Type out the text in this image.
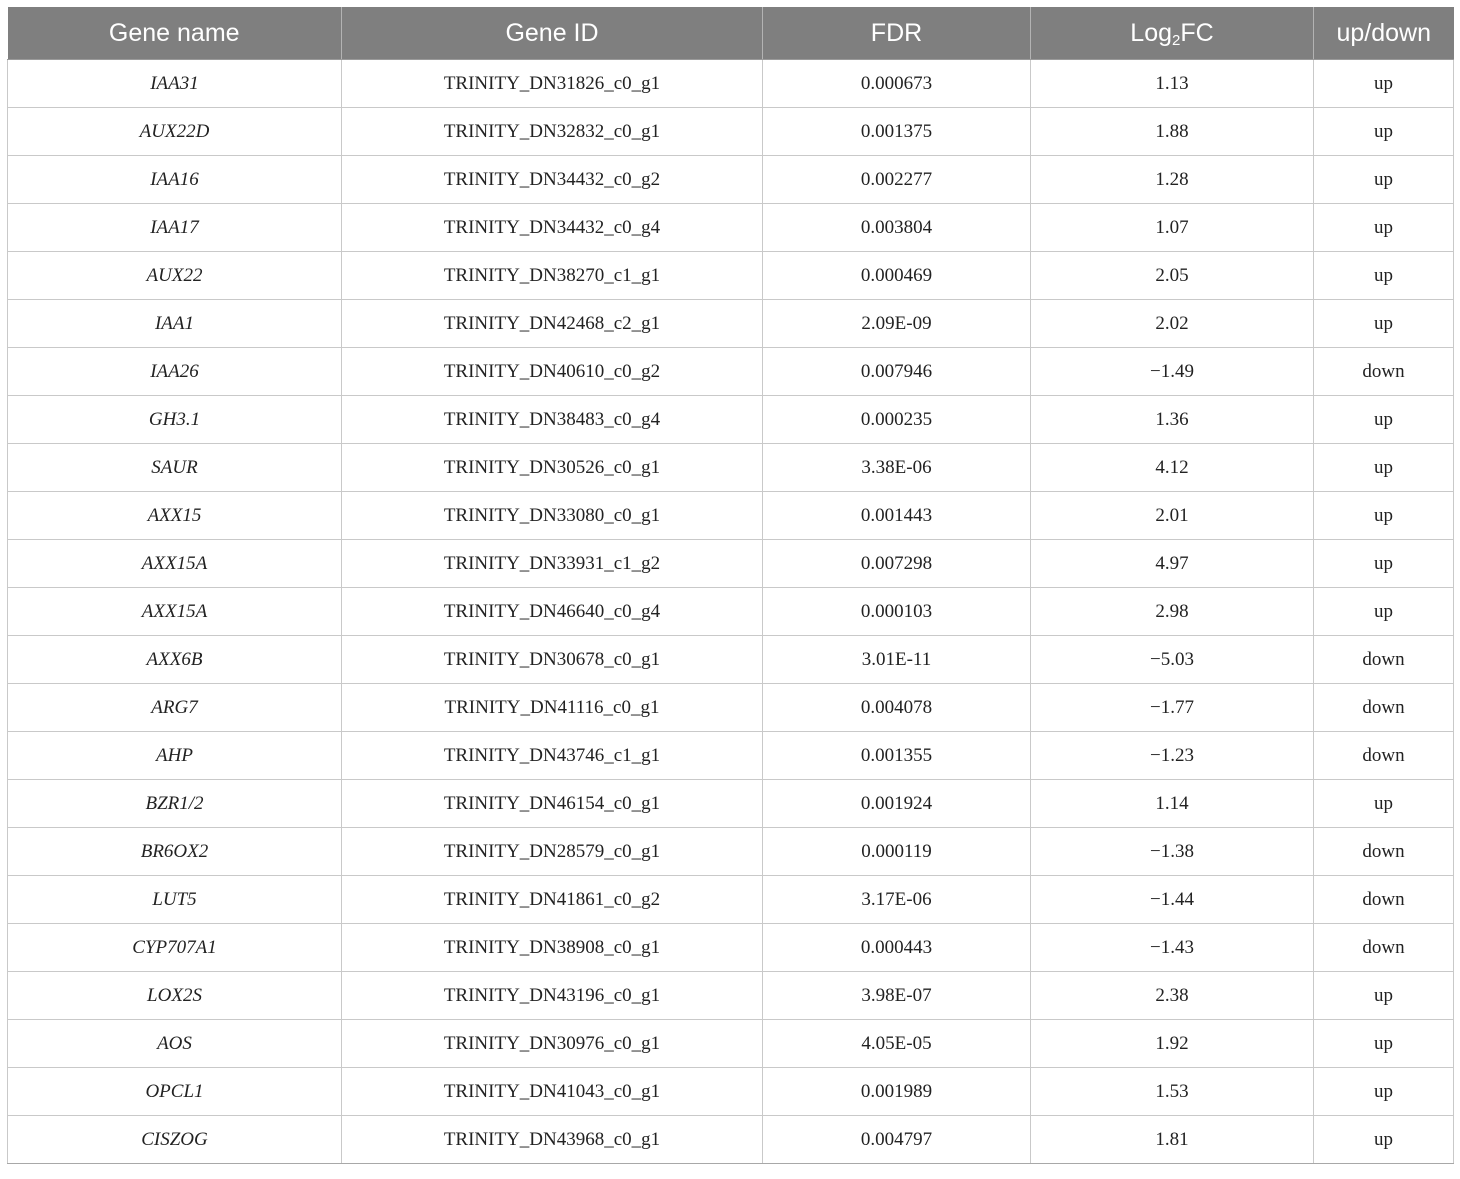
Gene name	Gene ID	FDR	Log$_2$FC	up/down
IAA31	TRINITY_DN31826_c0_g1	0.000673	1.13	up
AUX22D	TRINITY_DN32832_c0_g1	0.001375	1.88	up
IAA16	TRINITY_DN34432_c0_g2	0.002277	1.28	up
IAA17	TRINITY_DN34432_c0_g4	0.003804	1.07	up
AUX22	TRINITY_DN38270_c1_g1	0.000469	2.05	up
IAA1	TRINITY_DN42468_c2_g1	2.09E-09	2.02	up
IAA26	TRINITY_DN40610_c0_g2	0.007946	−1.49	down
GH3.1	TRINITY_DN38483_c0_g4	0.000235	1.36	up
SAUR	TRINITY_DN30526_c0_g1	3.38E-06	4.12	up
AXX15	TRINITY_DN33080_c0_g1	0.001443	2.01	up
AXX15A	TRINITY_DN33931_c1_g2	0.007298	4.97	up
AXX15A	TRINITY_DN46640_c0_g4	0.000103	2.98	up
AXX6B	TRINITY_DN30678_c0_g1	3.01E-11	−5.03	down
ARG7	TRINITY_DN41116_c0_g1	0.004078	−1.77	down
AHP	TRINITY_DN43746_c1_g1	0.001355	−1.23	down
BZR1/2	TRINITY_DN46154_c0_g1	0.001924	1.14	up
BR6OX2	TRINITY_DN28579_c0_g1	0.000119	−1.38	down
LUT5	TRINITY_DN41861_c0_g2	3.17E-06	−1.44	down
CYP707A1	TRINITY_DN38908_c0_g1	0.000443	−1.43	down
LOX2S	TRINITY_DN43196_c0_g1	3.98E-07	2.38	up
AOS	TRINITY_DN30976_c0_g1	4.05E-05	1.92	up
OPCL1	TRINITY_DN41043_c0_g1	0.001989	1.53	up
CISZOG	TRINITY_DN43968_c0_g1	0.004797	1.81	up
